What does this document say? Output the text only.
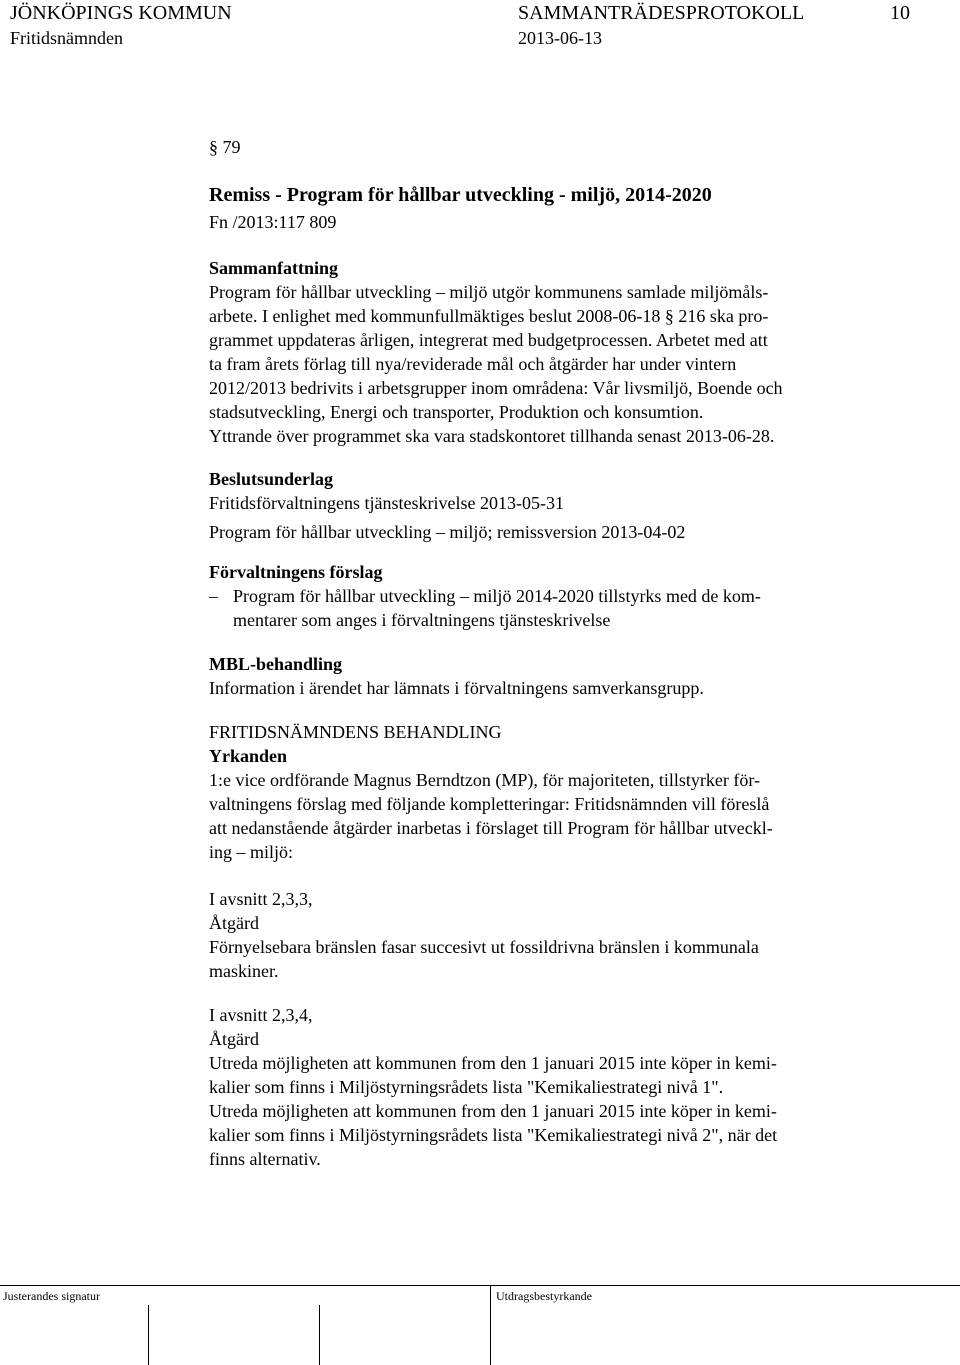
JÖNKÖPINGS KOMMUN	SAMMANTRÄDESPROTOKOLL	10
Fritidsnämnden	2013-06-13
§ 79
Remiss - Program för hållbar utveckling - miljö, 2014-2020
Fn /2013:117 809
Sammanfattning
Program för hållbar utveckling – miljö utgör kommunens samlade miljömåls-
arbete. I enlighet med kommunfullmäktiges beslut 2008-06-18 § 216 ska pro-
grammet uppdateras årligen, integrerat med budgetprocessen. Arbetet med att
ta fram årets förlag till nya/reviderade mål och åtgärder har under vintern
2012/2013 bedrivits i arbetsgrupper inom områdena: Vår livsmiljö, Boende och
stadsutveckling, Energi och transporter, Produktion och konsumtion.
Yttrande över programmet ska vara stadskontoret tillhanda senast 2013-06-28.
Beslutsunderlag
Fritidsförvaltningens tjänsteskrivelse 2013-05-31
Program för hållbar utveckling – miljö; remissversion 2013-04-02
Förvaltningens förslag
– Program för hållbar utveckling – miljö 2014-2020 tillstyrks med de kom-
mentarer som anges i förvaltningens tjänsteskrivelse
MBL-behandling
Information i ärendet har lämnats i förvaltningens samverkansgrupp.
FRITIDSNÄMNDENS BEHANDLING
Yrkanden
1:e vice ordförande Magnus Berndtzon (MP), för majoriteten, tillstyrker för-
valtningens förslag med följande kompletteringar: Fritidsnämnden vill föreslå
att nedanstående åtgärder inarbetas i förslaget till Program för hållbar utveckl-
ing – miljö:
I avsnitt 2,3,3,
Åtgärd
Förnyelsebara bränslen fasar succesivt ut fossildrivna bränslen i kommunala
maskiner.
I avsnitt 2,3,4,
Åtgärd
Utreda möjligheten att kommunen from den 1 januari 2015 inte köper in kemi-
kalier som finns i Miljöstyrningsrådets lista "Kemikaliestrategi nivå 1".
Utreda möjligheten att kommunen from den 1 januari 2015 inte köper in kemi-
kalier som finns i Miljöstyrningsrådets lista "Kemikaliestrategi nivå 2", när det
finns alternativ.
Justerandes signatur	Utdragsbestyrkande
